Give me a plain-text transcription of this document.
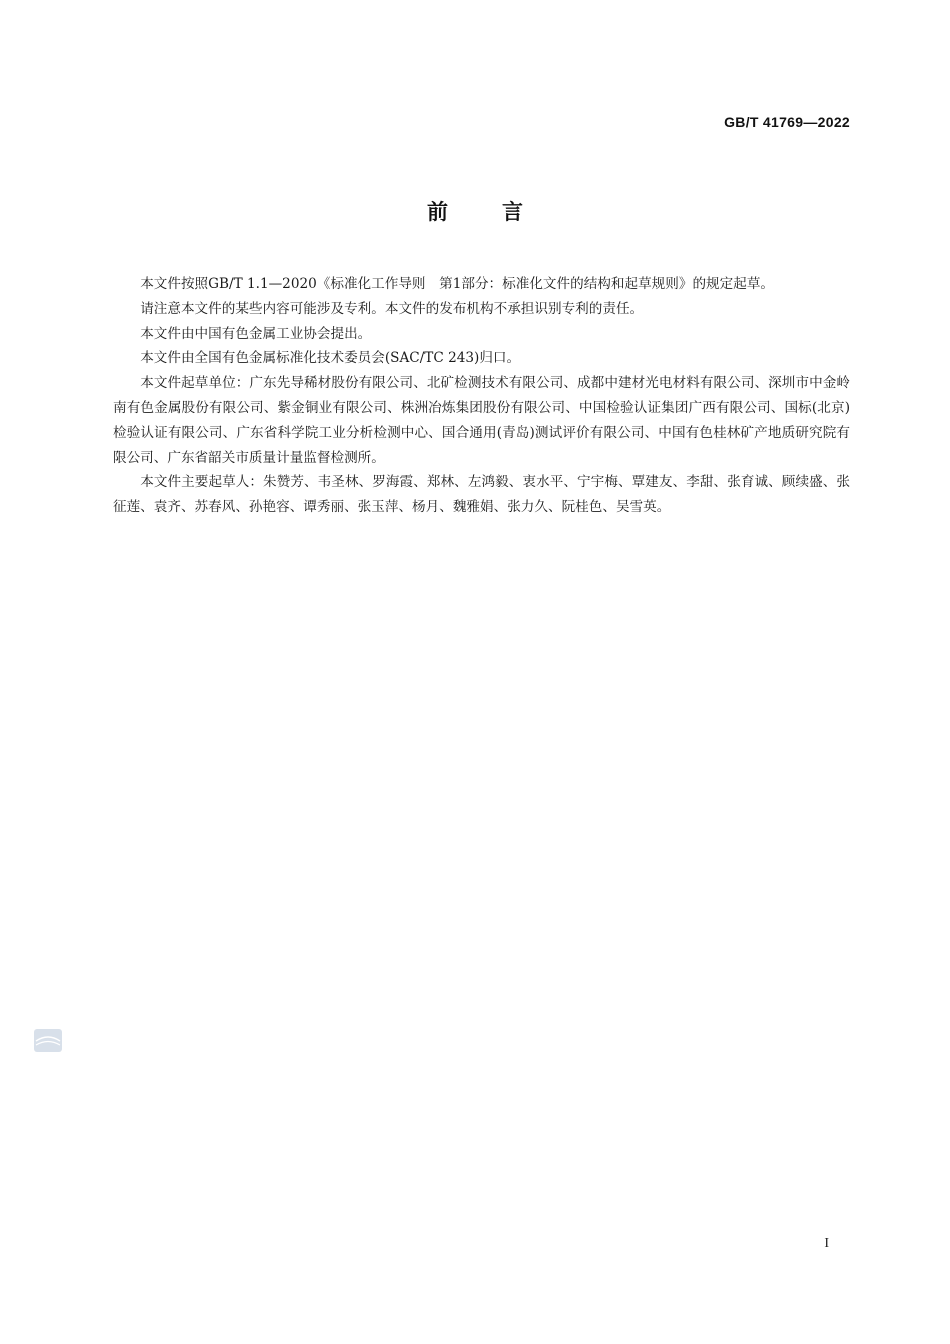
GB/T 41769—2022
前言

本文件按照GB/T 1.1—2020《标准化工作导则　第1部分：标准化文件的结构和起草规则》的规定起草。

请注意本文件的某些内容可能涉及专利。本文件的发布机构不承担识别专利的责任。

本文件由中国有色金属工业协会提出。

本文件由全国有色金属标准化技术委员会(SAC/TC 243)归口。

本文件起草单位：广东先导稀材股份有限公司、北矿检测技术有限公司、成都中建材光电材料有限公司、深圳市中金岭南有色金属股份有限公司、紫金铜业有限公司、株洲冶炼集团股份有限公司、中国检验认证集团广西有限公司、国标(北京)检验认证有限公司、广东省科学院工业分析检测中心、国合通用(青岛)测试评价有限公司、中国有色桂林矿产地质研究院有限公司、广东省韶关市质量计量监督检测所。

本文件主要起草人：朱赞芳、韦圣林、罗海霞、郑林、左鸿毅、衷水平、宁宇梅、覃建友、李甜、张育诚、顾续盛、张征莲、袁齐、苏春风、孙艳容、谭秀丽、张玉萍、杨月、魏雅娟、张力久、阮桂色、吴雪英。

I
